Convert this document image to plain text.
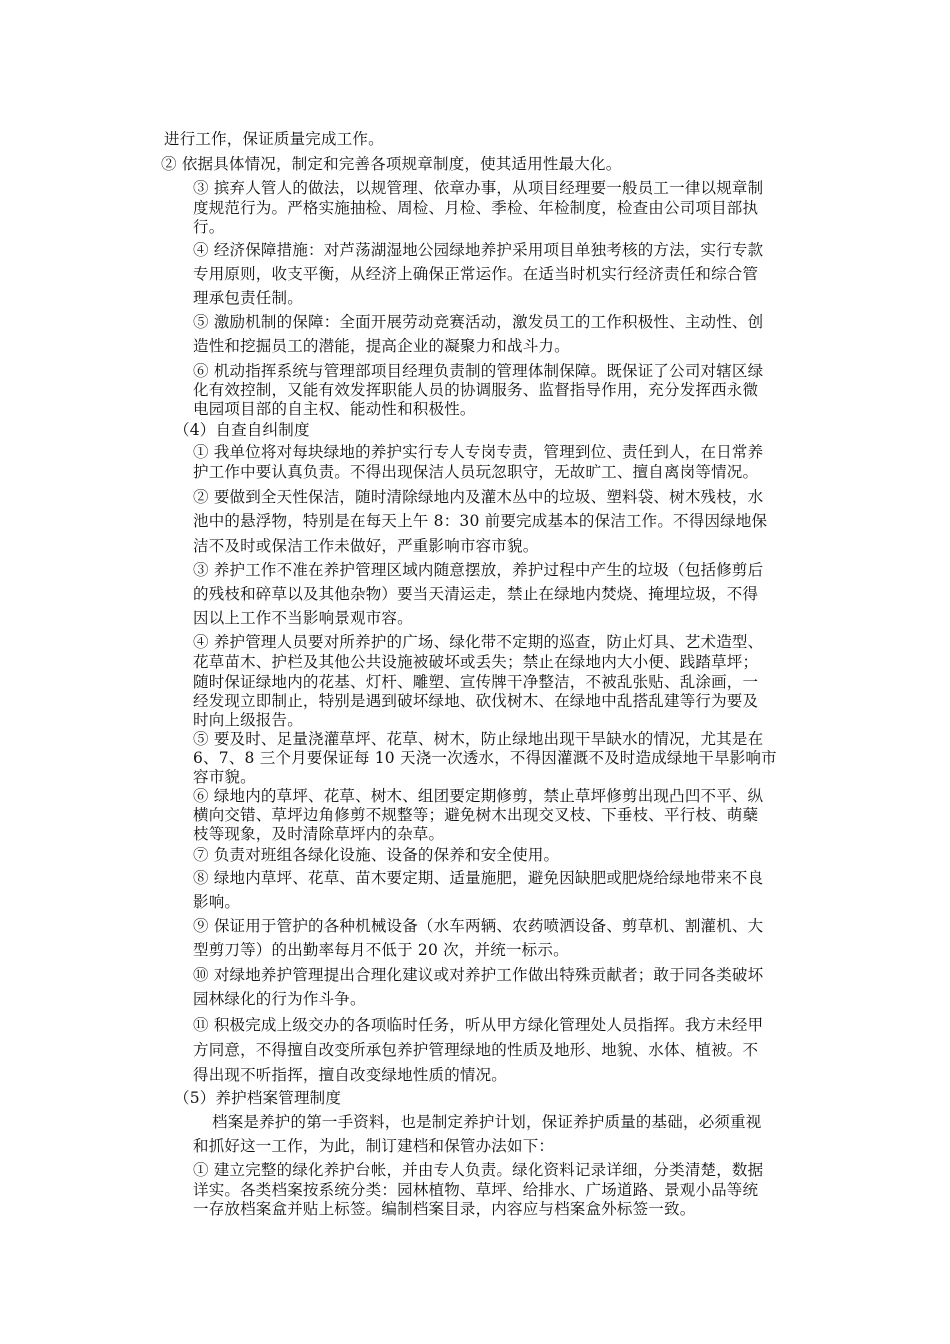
进行工作，保证质量完成工作。
② 依据具体情况，制定和完善各项规章制度，使其适用性最大化。
③ 摈弃人管人的做法，以规管理、依章办事，从项目经理要一般员工一律以规章制
度规范行为。严格实施抽检、周检、月检、季检、年检制度，检查由公司项目部执
行。
④ 经济保障措施：对芦荡湖湿地公园绿地养护采用项目单独考核的方法，实行专款
专用原则，收支平衡，从经济上确保正常运作。在适当时机实行经济责任和综合管
理承包责任制。
⑤ 激励机制的保障：全面开展劳动竞赛活动，激发员工的工作积极性、主动性、创
造性和挖掘员工的潜能，提高企业的凝聚力和战斗力。
⑥ 机动指挥系统与管理部项目经理负责制的管理体制保障。既保证了公司对辖区绿
化有效控制，又能有效发挥职能人员的协调服务、监督指导作用，充分发挥西永微
电园项目部的自主权、能动性和积极性。
（4）自查自纠制度
① 我单位将对每块绿地的养护实行专人专岗专责，管理到位、责任到人，在日常养
护工作中要认真负责。不得出现保洁人员玩忽职守，无故旷工、擅自离岗等情况。
② 要做到全天性保洁，随时清除绿地内及灌木丛中的垃圾、塑料袋、树木残枝，水
池中的悬浮物，特别是在每天上午 8：30 前要完成基本的保洁工作。不得因绿地保
洁不及时或保洁工作未做好，严重影响市容市貌。
③ 养护工作不准在养护管理区域内随意摆放，养护过程中产生的垃圾（包括修剪后
的残枝和碎草以及其他杂物）要当天清运走，禁止在绿地内焚烧、掩埋垃圾，不得
因以上工作不当影响景观市容。
④ 养护管理人员要对所养护的广场、绿化带不定期的巡查，防止灯具、艺术造型、
花草苗木、护栏及其他公共设施被破坏或丢失；禁止在绿地内大小便、践踏草坪；
随时保证绿地内的花基、灯杆、雕塑、宣传牌干净整洁，不被乱张贴、乱涂画，一
经发现立即制止，特别是遇到破坏绿地、砍伐树木、在绿地中乱搭乱建等行为要及
时向上级报告。
⑤ 要及时、足量浇灌草坪、花草、树木，防止绿地出现干旱缺水的情况，尤其是在
6、7、8 三个月要保证每 10 天浇一次透水，不得因灌溉不及时造成绿地干旱影响市
容市貌。
⑥ 绿地内的草坪、花草、树木、组团要定期修剪，禁止草坪修剪出现凸凹不平、纵
横向交错、草坪边角修剪不规整等；避免树木出现交叉枝、下垂枝、平行枝、萌蘖
枝等现象，及时清除草坪内的杂草。
⑦ 负责对班组各绿化设施、设备的保养和安全使用。
⑧ 绿地内草坪、花草、苗木要定期、适量施肥，避免因缺肥或肥烧给绿地带来不良
影响。
⑨ 保证用于管护的各种机械设备（水车两辆、农药喷洒设备、剪草机、割灌机、大
型剪刀等）的出勤率每月不低于 20 次，并统一标示。
⑩ 对绿地养护管理提出合理化建议或对养护工作做出特殊贡献者；敢于同各类破坏
园林绿化的行为作斗争。
⑪ 积极完成上级交办的各项临时任务，听从甲方绿化管理处人员指挥。我方未经甲
方同意，不得擅自改变所承包养护管理绿地的性质及地形、地貌、水体、植被。不
得出现不听指挥，擅自改变绿地性质的情况。
（5）养护档案管理制度
档案是养护的第一手资料，也是制定养护计划，保证养护质量的基础，必须重视
和抓好这一工作，为此，制订建档和保管办法如下：
① 建立完整的绿化养护台帐，并由专人负责。绿化资料记录详细，分类清楚，数据
详实。各类档案按系统分类：园林植物、草坪、给排水、广场道路、景观小品等统
一存放档案盒并贴上标签。编制档案目录，内容应与档案盒外标签一致。
